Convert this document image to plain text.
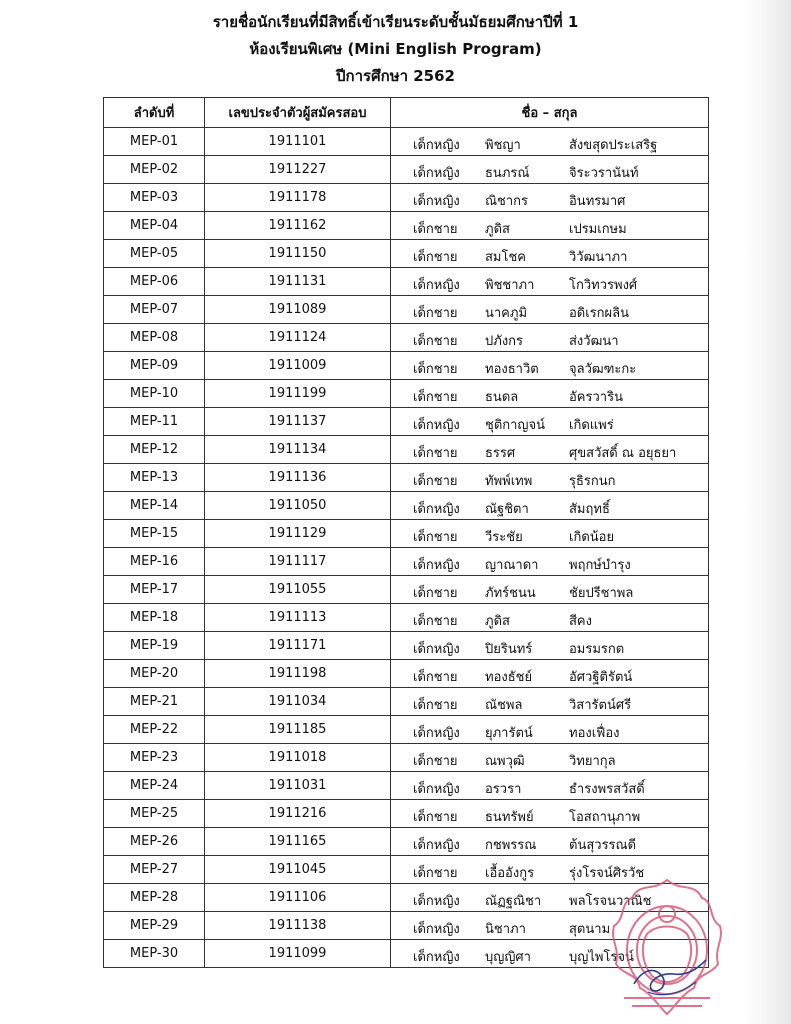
รายชื่อนักเรียนที่มีสิทธิ์เข้าเรียนระดับชั้นมัธยมศึกษาปีที่ 1
ห้องเรียนพิเศษ (Mini English Program)
ปีการศึกษา 2562
ลำดับที่	เลขประจำตัวผู้สมัครสอบ	ชื่อ – สกุล
MEP-01	1911101	เด็กหญิง พิชญา สังขสุดประเสริฐ

MEP-02	1911227	เด็กหญิง ธนภรณ์ จิระวรานันท์

MEP-03	1911178	เด็กหญิง ณิชากร อินทรมาศ

MEP-04	1911162	เด็กชาย ภูดิส เปรมเกษม

MEP-05	1911150	เด็กชาย สมโชค วิวัฒนาภา

MEP-06	1911131	เด็กหญิง พิชชาภา โกวิทวรพงศ์

MEP-07	1911089	เด็กชาย นาคภูมิ อดิเรกผลิน

MEP-08	1911124	เด็กชาย ปภังกร ส่งวัฒนา

MEP-09	1911009	เด็กชาย ทองธาวิต จุลวัฒฑะกะ

MEP-10	1911199	เด็กชาย ธนดล อัครวาริน

MEP-11	1911137	เด็กหญิง ชุติกาญจน์ เกิดแพร่

MEP-12	1911134	เด็กชาย ธรรศ ศุขสวัสดิ์ ณ อยุธยา

MEP-13	1911136	เด็กชาย ทัพพ์เทพ รุธิรกนก

MEP-14	1911050	เด็กหญิง ณัฐชิตา สัมฤทธิ์

MEP-15	1911129	เด็กชาย วีระชัย เกิดน้อย

MEP-16	1911117	เด็กหญิง ญาณาดา พฤกษ์บำรุง

MEP-17	1911055	เด็กชาย ภัทร์ชนน ชัยปรีชาพล

MEP-18	1911113	เด็กชาย ภูดิส สีคง

MEP-19	1911171	เด็กหญิง ปิยรินทร์ อมรมรกต

MEP-20	1911198	เด็กชาย ทองธัชย์ อัศวฐิติรัตน์

MEP-21	1911034	เด็กชาย ณัชพล วิสารัตน์ศรี

MEP-22	1911185	เด็กหญิง ยุภารัตน์ ทองเฟื่อง

MEP-23	1911018	เด็กชาย ณพวุฒิ วิทยากุล

MEP-24	1911031	เด็กหญิง อรวรา ธำรงพรสวัสดิ์

MEP-25	1911216	เด็กชาย ธนทรัพย์ โอสถานุภาพ

MEP-26	1911165	เด็กหญิง กชพรรณ ต้นสุวรรณดี

MEP-27	1911045	เด็กชาย เอื้ออังกูร รุ่งโรจน์ศิรวัช

MEP-28	1911106	เด็กหญิง ณัฏฐณิชา พลโรจนวาณิช

MEP-29	1911138	เด็กหญิง นิชาภา สุตนาม

MEP-30	1911099	เด็กหญิง บุญญิศา บุญไพโรจน์
